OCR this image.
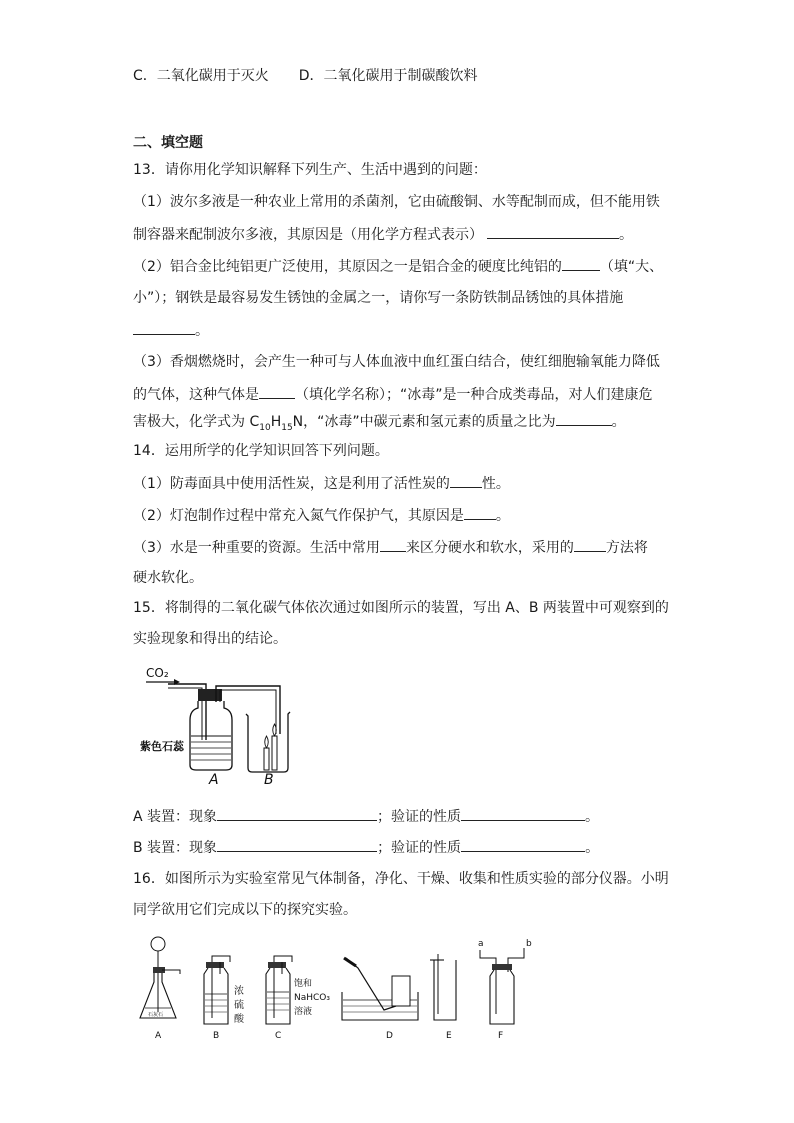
C．二氧化碳用于灭火 D．二氧化碳用于制碳酸饮料
二、填空题
13．请你用化学知识解释下列生产、生活中遇到的问题：
（1）波尔多液是一种农业上常用的杀菌剂，它由硫酸铜、水等配制而成，但不能用铁
制容器来配制波尔多液，其原因是（用化学方程式表示）	。
（2）铝合金比纯铝更广泛使用，其原因之一是铝合金的硬度比纯铝的	（填“大、
小”）；钢铁是最容易发生锈蚀的金属之一，请你写一条防铁制品锈蚀的具体措施
。
（3）香烟燃烧时，会产生一种可与人体血液中血红蛋白结合，使红细胞输氧能力降低
的气体，这种气体是	（填化学名称）；“冰毒”是一种合成类毒品，对人们建康危
害极大，化学式为 $C_{10}H_{15}N$，“冰毒”中碳元素和氢元素的质量之比为	。
14．运用所学的化学知识回答下列问题。
（1）防毒面具中使用活性炭，这是利用了活性炭的 性。
（2）灯泡制作过程中常充入氮气作保护气，其原因是 。
（3）水是一种重要的资源。生活中常用 来区分硬水和软水，采用的 方法将
硬水软化。
15．将制得的二氧化碳气体依次通过如图所示的装置，写出 A、B 两装置中可观察到的
实验现象和得出的结论。
CO₂
紫色石蕊
A	B
A 装置：现象	；验证的性质	。
B 装置：现象	；验证的性质	。
16．如图所示为实验室常见气体制备，净化、干燥、收集和性质实验的部分仪器。小明
同学欲用它们完成以下的探究实验。
石灰石
A
浓
硫
酸
B
饱和
NaHCO₃
溶液
C	D	E
a	b
F
